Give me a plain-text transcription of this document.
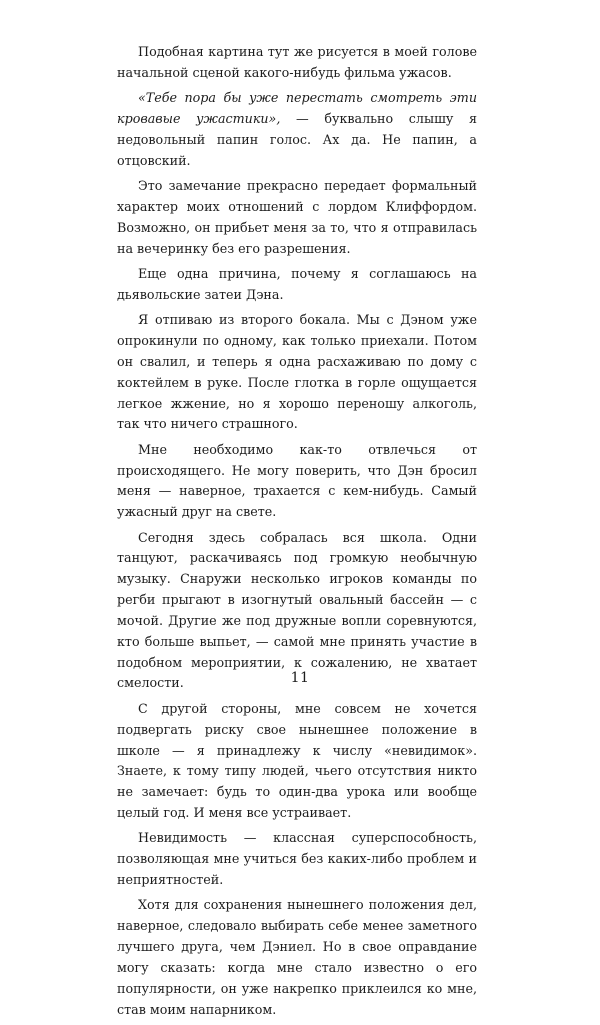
Подобная картина тут же рисуется в моей голове начальной сценой какого-нибудь фильма ужасов.

«Тебе пора бы уже перестать смотреть эти кровавые ужастики», — буквально слышу я недовольный папин голос. Ах да. Не папин, а отцовский.

Это замечание прекрасно передает формальный характер моих отношений с лордом Клиффордом. Возможно, он прибьет меня за то, что я отправилась на вечеринку без его разрешения.

Еще одна причина, почему я соглашаюсь на дьявольские затеи Дэна.

Я отпиваю из второго бокала. Мы с Дэном уже опрокинули по одному, как только приехали. Потом он свалил, и теперь я одна расхаживаю по дому с коктейлем в руке. После глотка в горле ощущается легкое жжение, но я хорошо переношу алкоголь, так что ничего страшного.

Мне необходимо как-то отвлечься от происходящего. Не могу поверить, что Дэн бросил меня — наверное, трахается с кем-нибудь. Самый ужасный друг на свете.

Сегодня здесь собралась вся школа. Одни танцуют, раскачиваясь под громкую необычную музыку. Снаружи несколько игроков команды по регби прыгают в изогнутый овальный бассейн — с мочой. Другие же под дружные вопли соревнуются, кто больше выпьет, — самой мне принять участие в подобном мероприятии, к сожалению, не хватает смелости.

С другой стороны, мне совсем не хочется подвергать риску свое нынешнее положение в школе — я принадлежу к числу «невидимок». Знаете, к тому типу людей, чьего отсутствия никто не замечает: будь то один-два урока или вообще целый год. И меня все устраивает.

Невидимость — классная суперспособность, позволяющая мне учиться без каких-либо проблем и неприятностей.

Хотя для сохранения нынешнего положения дел, наверное, следовало выбирать себе менее заметного лучшего друга, чем Дэниел. Но в свое оправдание могу сказать: когда мне стало известно о его популярности, он уже накрепко приклеился ко мне, став моим напарником.

11
